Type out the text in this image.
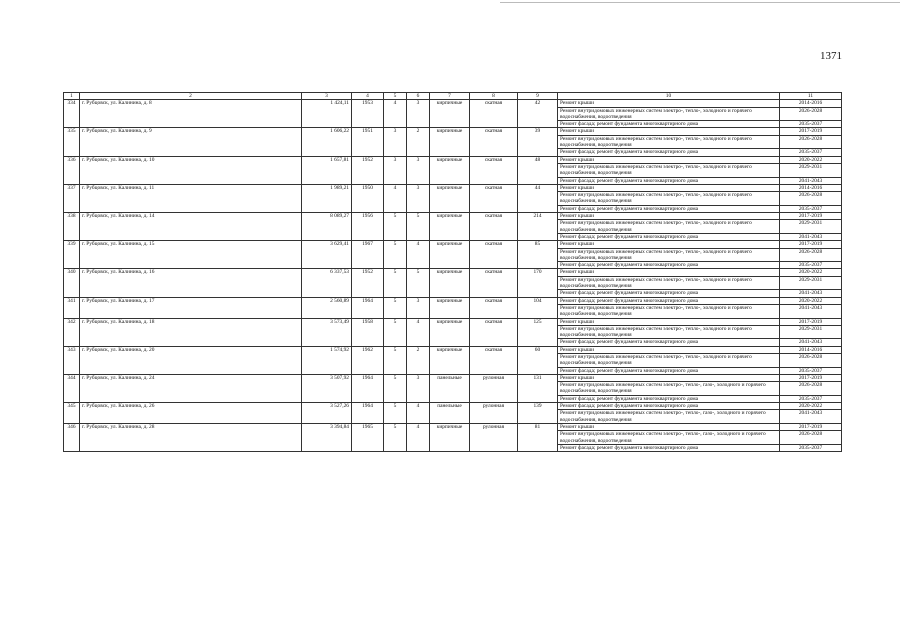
1371
1	2	3	4	5	6	7	8	9	10	11
334	г. Рубцовск, ул. Калинина, д. 8	1 424,11	1953	4	3	кирпичные	скатная	42	Ремонт крыши	2014-2016
									Ремонт внутридомовых инженерных систем электро-, тепло-, холодного и горячего водоснабжения, водоотведения	2026-2028
									Ремонт фасада; ремонт фундамента многоквартирного дома	2035-2037
335	г. Рубцовск, ул. Калинина, д. 9	1 606,22	1951	3	2	кирпичные	скатная	39	Ремонт крыши	2017-2019
									Ремонт внутридомовых инженерных систем электро-, тепло-, холодного и горячего водоснабжения, водоотведения	2026-2028
									Ремонт фасада; ремонт фундамента многоквартирного дома	2035-2037
336	г. Рубцовск, ул. Калинина, д. 10	1 657,81	1952	3	3	кирпичные	скатная	48	Ремонт крыши	2020-2022
									Ремонт внутридомовых инженерных систем электро-, тепло-, холодного и горячего водоснабжения, водоотведения	2029-2031
									Ремонт фасада; ремонт фундамента многоквартирного дома	2041-2043
337	г. Рубцовск, ул. Калинина, д. 11	1 989,21	1950	4	3	кирпичные	скатная	44	Ремонт крыши	2014-2016
									Ремонт внутридомовых инженерных систем электро-, тепло-, холодного и горячего водоснабжения, водоотведения	2026-2028
									Ремонт фасада; ремонт фундамента многоквартирного дома	2035-2037
338	г. Рубцовск, ул. Калинина, д. 14	8 089,27	1956	5	5	кирпичные	скатная	214	Ремонт крыши	2017-2019
									Ремонт внутридомовых инженерных систем электро-, тепло-, холодного и горячего водоснабжения, водоотведения	2029-2031
									Ремонт фасада; ремонт фундамента многоквартирного дома	2041-2043
339	г. Рубцовск, ул. Калинина, д. 15	3 629,41	1967	5	4	кирпичные	скатная	85	Ремонт крыши	2017-2019
									Ремонт внутридомовых инженерных систем электро-, тепло-, холодного и горячего водоснабжения, водоотведения	2026-2028
									Ремонт фасада; ремонт фундамента многоквартирного дома	2035-2037
340	г. Рубцовск, ул. Калинина, д. 16	6 337,53	1952	5	5	кирпичные	скатная	170	Ремонт крыши	2020-2022
									Ремонт внутридомовых инженерных систем электро-, тепло-, холодного и горячего водоснабжения, водоотведения	2029-2031
									Ремонт фасада; ремонт фундамента многоквартирного дома	2041-2043
341	г. Рубцовск, ул. Калинина, д. 17	2 560,89	1964	5	3	кирпичные	скатная	104	Ремонт фасада; ремонт фундамента многоквартирного дома	2020-2022
									Ремонт внутридомовых инженерных систем электро-, тепло-, холодного и горячего водоснабжения, водоотведения	2041-2043
342	г. Рубцовск, ул. Калинина, д. 18	3 573,49	1958	5	4	кирпичные	скатная	125	Ремонт крыши	2017-2019
									Ремонт внутридомовых инженерных систем электро-, тепло-, холодного и горячего водоснабжения, водоотведения	2029-2031
									Ремонт фасада; ремонт фундамента многоквартирного дома	2041-2043
343	г. Рубцовск, ул. Калинина, д. 20	1 574,92	1962	5	2	кирпичные	скатная	60	Ремонт крыши	2014-2016
									Ремонт внутридомовых инженерных систем электро-, тепло-, холодного и горячего водоснабжения, водоотведения	2026-2028
									Ремонт фасада; ремонт фундамента многоквартирного дома	2035-2037
344	г. Рубцовск, ул. Калинина, д. 24	3 507,92	1964	5	3	панельные	рулонная	131	Ремонт крыши	2017-2019
									Ремонт внутридомовых инженерных систем электро-, тепло-, газо-, холодного и горячего водоснабжения, водоотведения	2026-2028
									Ремонт фасада; ремонт фундамента многоквартирного дома	2035-2037
345	г. Рубцовск, ул. Калинина, д. 26	3 527,26	1964	5	4	панельные	рулонная	139	Ремонт фасада; ремонт фундамента многоквартирного дома	2020-2022
									Ремонт внутридомовых инженерных систем электро-, тепло-, газо-, холодного и горячего водоснабжения, водоотведения	2041-2043
346	г. Рубцовск, ул. Калинина, д. 28	3 394,84	1965	5	4	кирпичные	рулонная	81	Ремонт крыши	2017-2019
									Ремонт внутридомовых инженерных систем электро-, тепло-, газо-, холодного и горячего водоснабжения, водоотведения	2026-2028
									Ремонт фасада; ремонт фундамента многоквартирного дома	2035-2037
